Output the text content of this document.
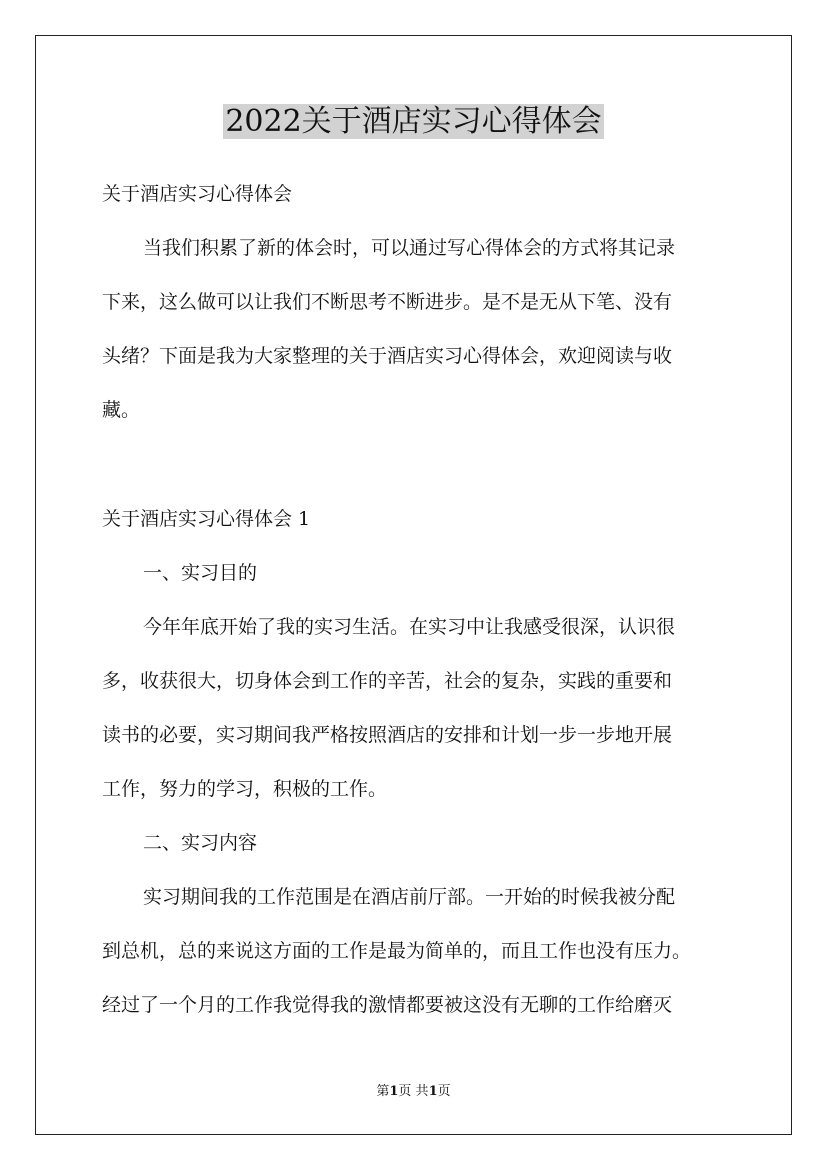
2022关于酒店实习心得体会
关于酒店实习心得体会
当我们积累了新的体会时，可以通过写心得体会的方式将其记录
下来，这么做可以让我们不断思考不断进步。是不是无从下笔、没有
头绪？下面是我为大家整理的关于酒店实习心得体会，欢迎阅读与收
藏。
关于酒店实习心得体会 1
一、实习目的
今年年底开始了我的实习生活。在实习中让我感受很深，认识很
多，收获很大，切身体会到工作的辛苦，社会的复杂，实践的重要和
读书的必要，实习期间我严格按照酒店的安排和计划一步一步地开展
工作，努力的学习，积极的工作。
二、实习内容
实习期间我的工作范围是在酒店前厅部。一开始的时候我被分配
到总机，总的来说这方面的工作是最为简单的，而且工作也没有压力。
经过了一个月的工作我觉得我的激情都要被这没有无聊的工作给磨灭
第1页 共1页
